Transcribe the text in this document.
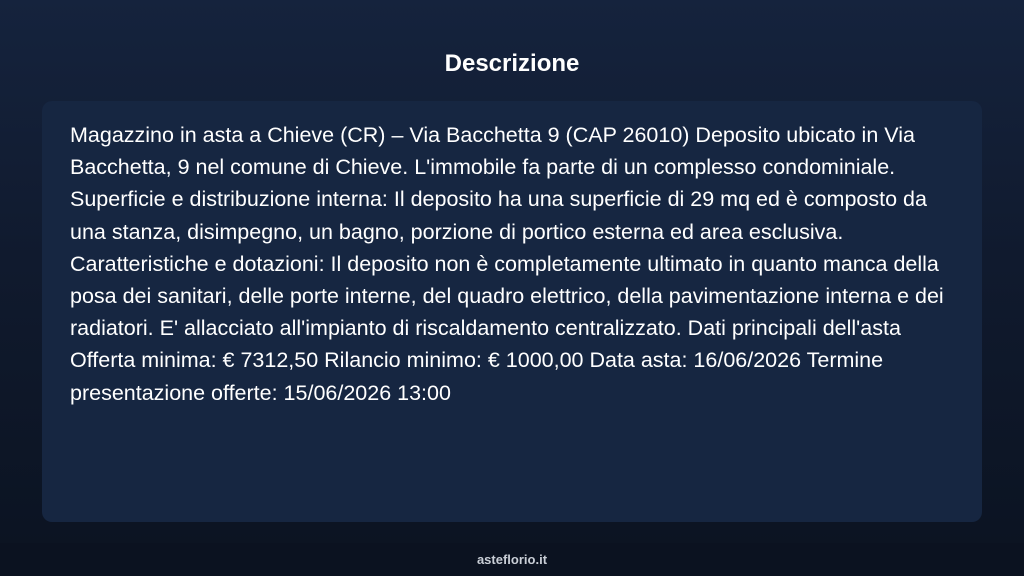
Descrizione

Magazzino in asta a Chieve (CR) – Via Bacchetta 9 (CAP 26010) Deposito ubicato in Via Bacchetta, 9 nel comune di Chieve. L'immobile fa parte di un complesso condominiale. Superficie e distribuzione interna: Il deposito ha una superficie di 29 mq ed è composto da una stanza, disimpegno, un bagno, porzione di portico esterna ed area esclusiva. Caratteristiche e dotazioni: Il deposito non è completamente ultimato in quanto manca della posa dei sanitari, delle porte interne, del quadro elettrico, della pavimentazione interna e dei radiatori. E' allacciato all'impianto di riscaldamento centralizzato. Dati principali dell'asta Offerta minima: € 7312,50 Rilancio minimo: € 1000,00 Data asta: 16/06/2026 Termine presentazione offerte: 15/06/2026 13:00

asteflorio.it
